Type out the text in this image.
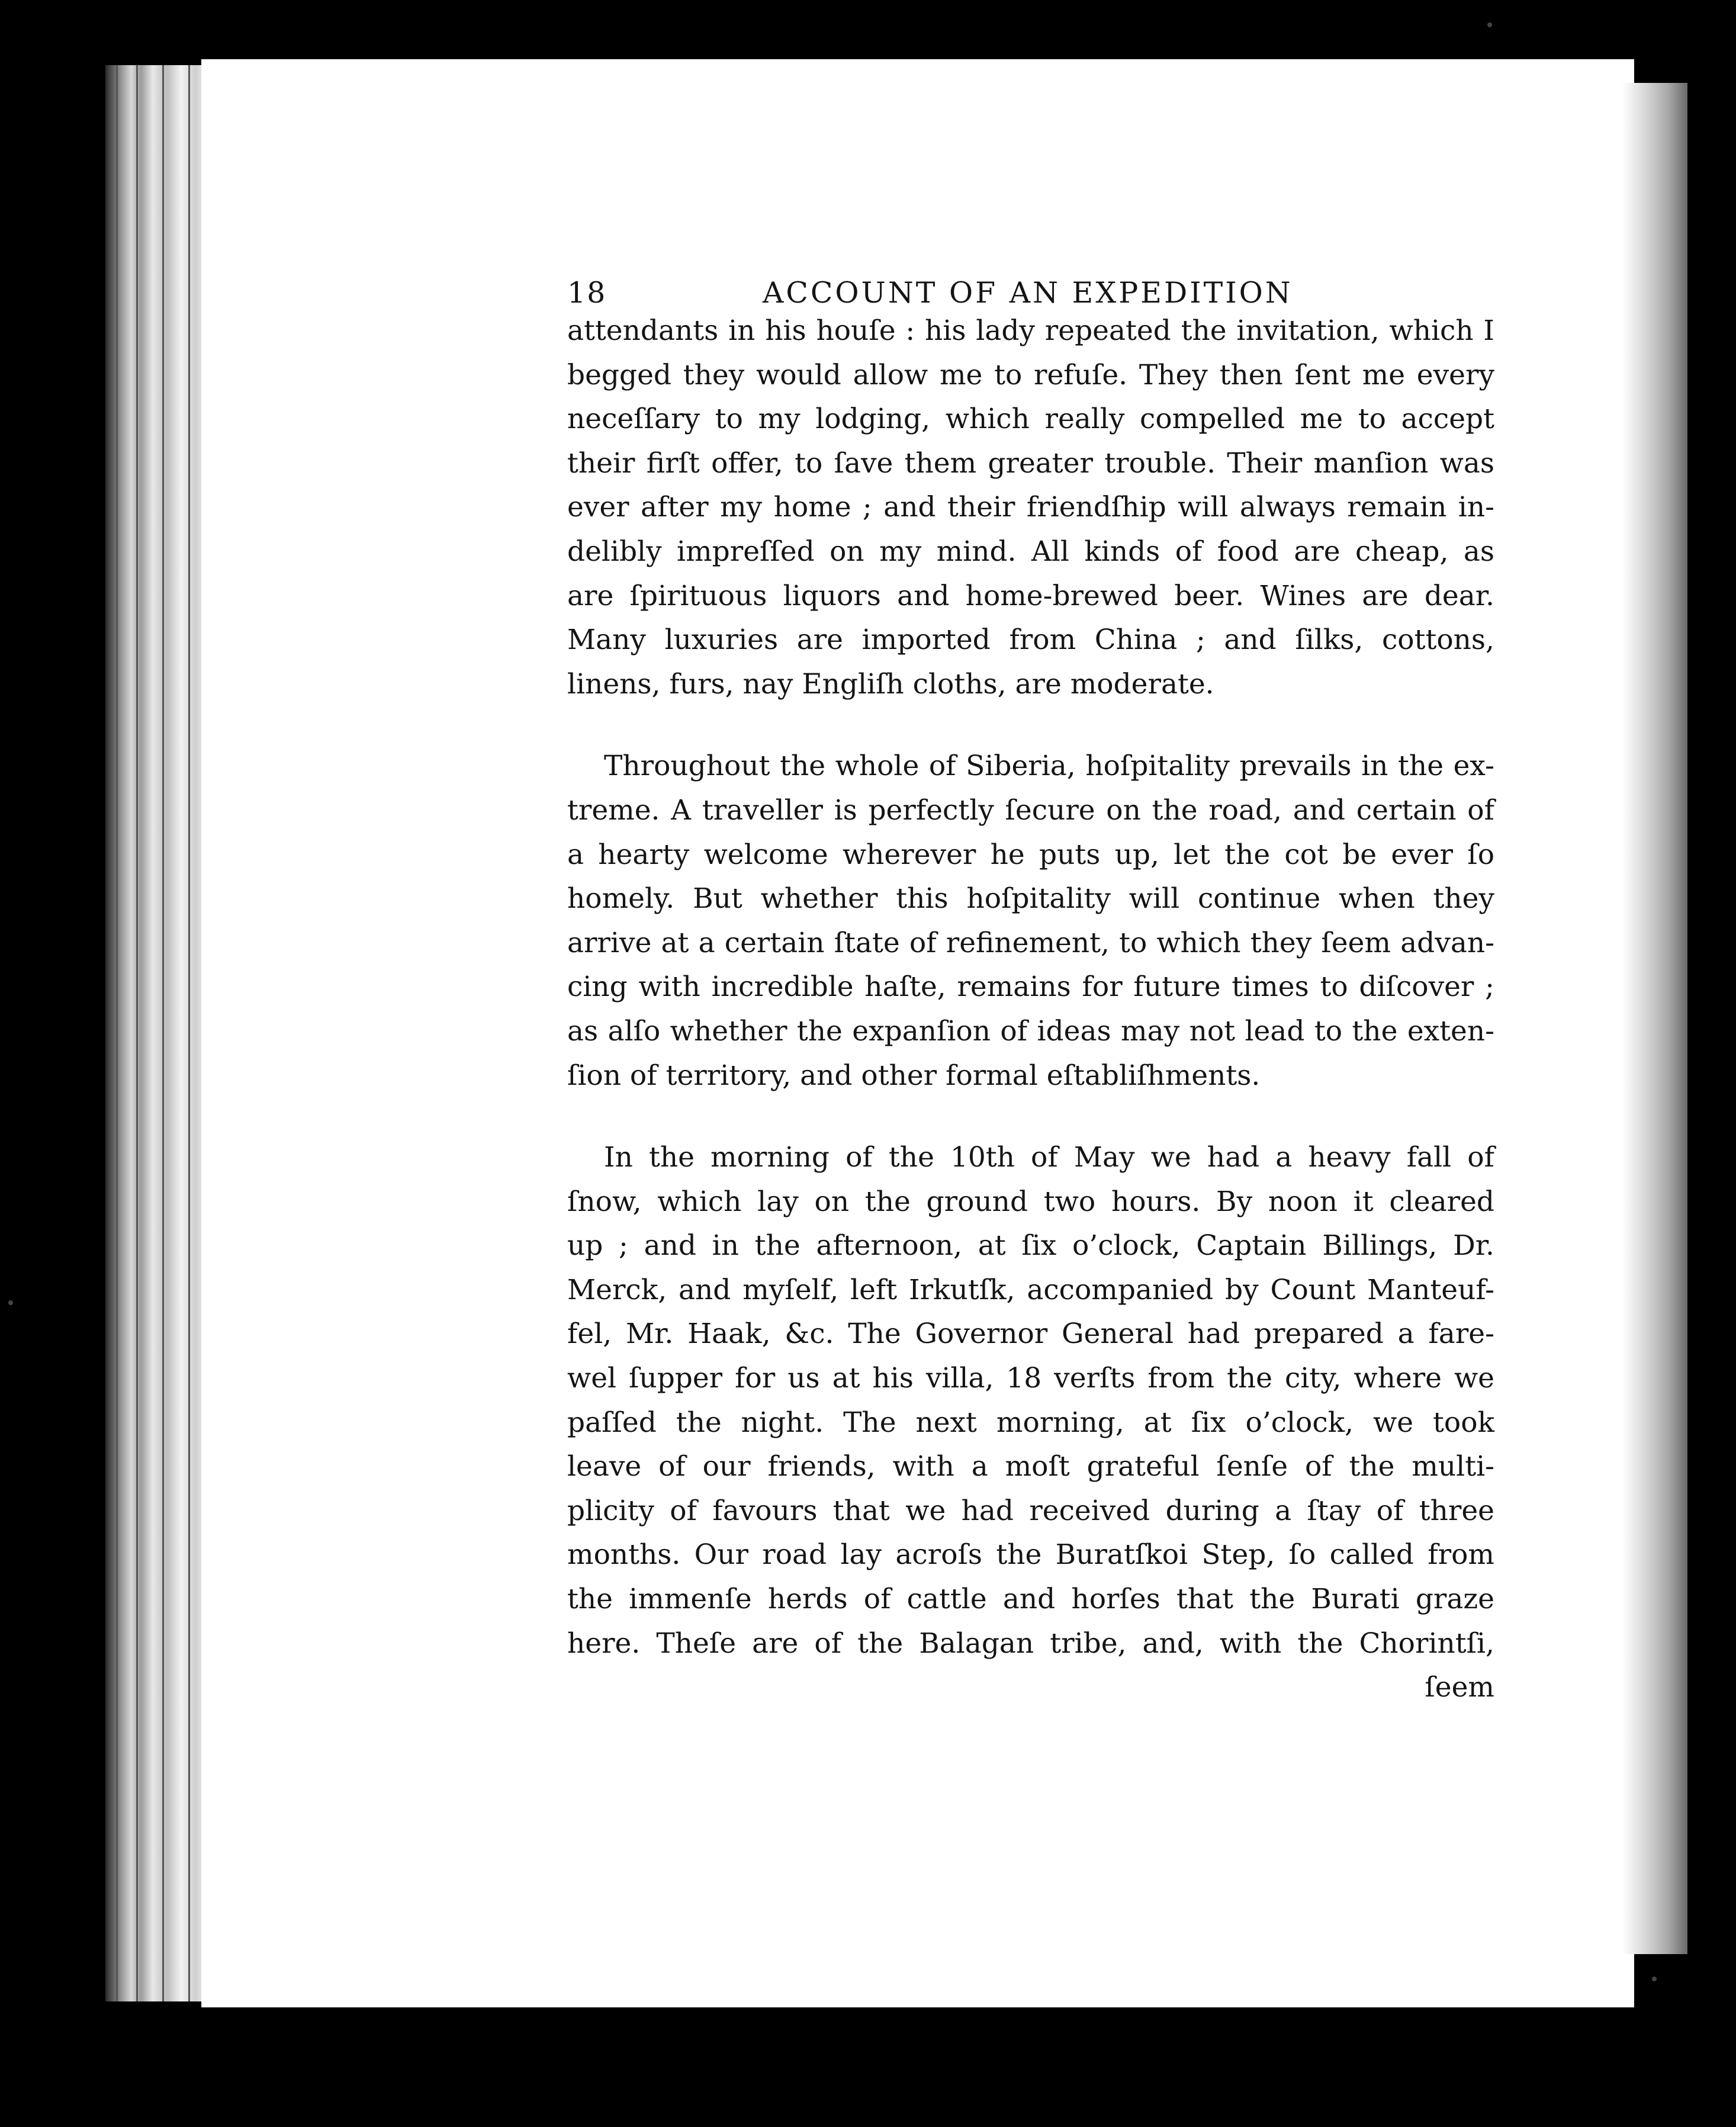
18	ACCOUNT OF AN EXPEDITION
attendants in his houſe : his lady repeated the invitation, which I
begged they would allow me to refuſe. They then ſent me every
neceſſary to my lodging, which really compelled me to accept
their firſt offer, to ſave them greater trouble. Their manſion was
ever after my home ; and their friendſhip will always remain in-
delibly impreſſed on my mind. All kinds of food are cheap, as
are ſpirituous liquors and home-brewed beer. Wines are dear.
Many luxuries are imported from China ; and ſilks, cottons,
linens, furs, nay Engliſh cloths, are moderate.
Throughout the whole of Siberia, hoſpitality prevails in the ex-
treme. A traveller is perfectly ſecure on the road, and certain of
a hearty welcome wherever he puts up, let the cot be ever ſo
homely. But whether this hoſpitality will continue when they
arrive at a certain ſtate of refinement, to which they ſeem advan-
cing with incredible haſte, remains for future times to diſcover ;
as alſo whether the expanſion of ideas may not lead to the exten-
ſion of territory, and other formal eſtabliſhments.
In the morning of the 10th of May we had a heavy fall of
ſnow, which lay on the ground two hours. By noon it cleared
up ; and in the afternoon, at ſix o’clock, Captain Billings, Dr.
Merck, and myſelf, left Irkutſk, accompanied by Count Manteuf-
fel, Mr. Haak, &c. The Governor General had prepared a fare-
wel ſupper for us at his villa, 18 verſts from the city, where we
paſſed the night. The next morning, at ſix o’clock, we took
leave of our friends, with a moſt grateful ſenſe of the multi-
plicity of favours that we had received during a ſtay of three
months. Our road lay acroſs the Buratſkoi Step, ſo called from
the immenſe herds of cattle and horſes that the Burati graze
here. Theſe are of the Balagan tribe, and, with the Chorintſi,
ſeem
